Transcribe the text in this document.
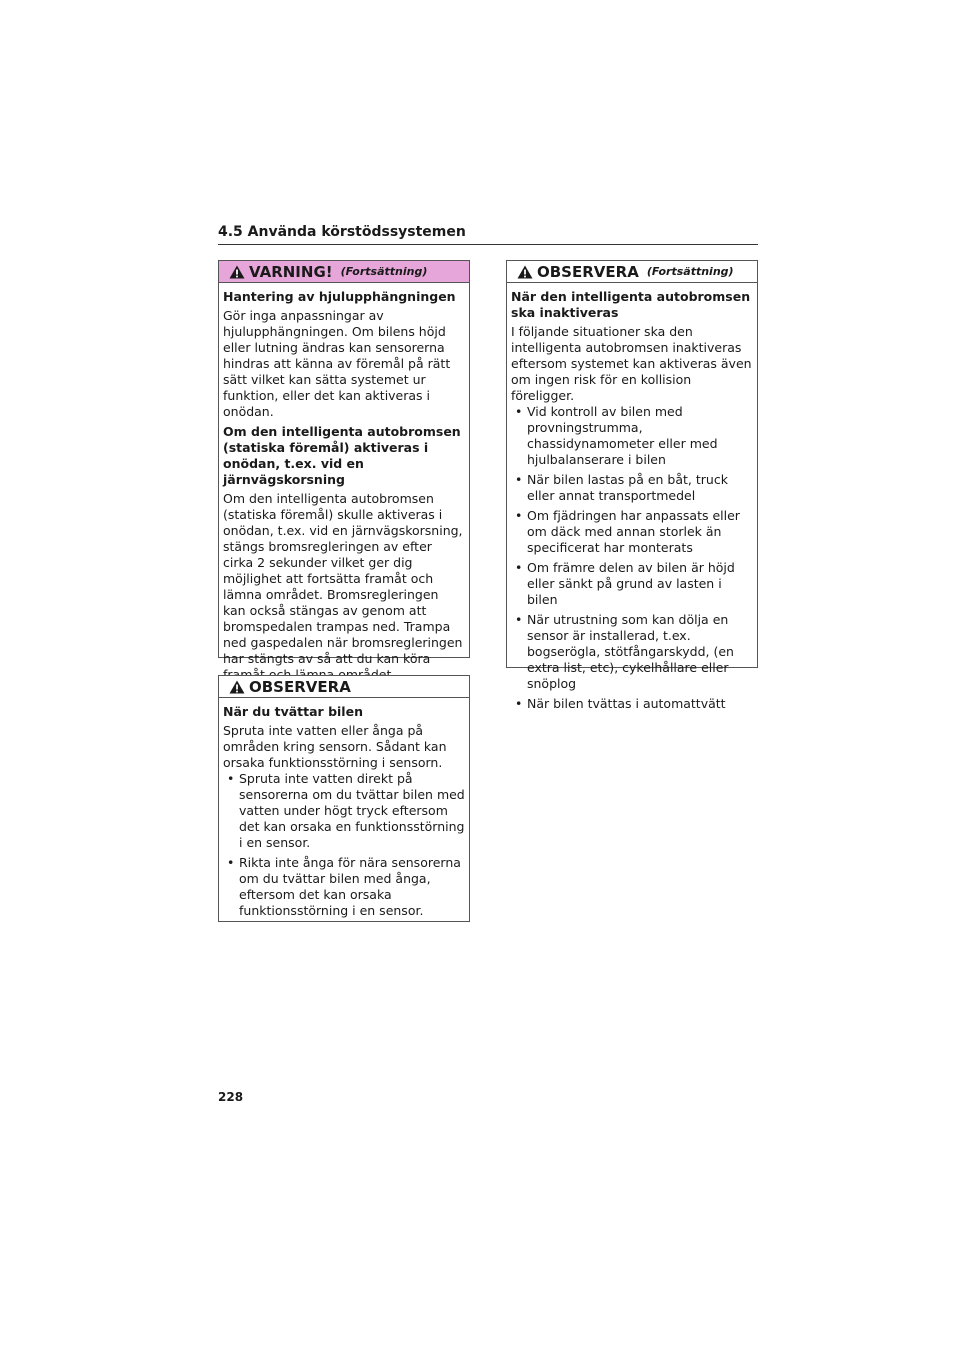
4.5 Använda körstödssystemen
VARNING! (Fortsättning)
Hantering av hjulupphängningen

Gör inga anpassningar av hjulupphängningen. Om bilens höjd eller lutning ändras kan sensorerna hindras att känna av föremål på rätt sätt vilket kan sätta systemet ur funktion, eller det kan aktiveras i onödan.

Om den intelligenta autobromsen (statiska föremål) aktiveras i onödan, t.ex. vid en järnvägskorsning

Om den intelligenta autobromsen (statiska föremål) skulle aktiveras i onödan, t.ex. vid en järnvägskorsning, stängs bromsregleringen av efter cirka 2 sekunder vilket ger dig möjlighet att fortsätta framåt och lämna området. Bromsregleringen kan också stängas av genom att bromspedalen trampas ned. Trampa ned gaspedalen när bromsregleringen har stängts av så att du kan köra

OBSERVERA
När du tvättar bilen

Spruta inte vatten eller ånga på områden kring sensorn. Sådant kan orsaka funktionsstörning i sensorn.

• Spruta inte vatten direkt på sensorerna om du tvättar bilen med vatten under högt tryck eftersom det kan orsaka en funktionsstörning i en sensor.
• Rikta inte ånga för nära sensorerna om du tvättar bilen med ånga, eftersom det kan orsaka funktionsstörning i en sensor.
OBSERVERA (Fortsättning)
När den intelligenta autobromsen ska inaktiveras

I följande situationer ska den intelligenta autobromsen inaktiveras eftersom systemet kan aktiveras även om ingen risk för en kollision föreligger.

• Vid kontroll av bilen med provningstrumma, chassidynamometer eller med hjulbalanserare i bilen
• När bilen lastas på en båt, truck eller annat transportmedel
• Om fjädringen har anpassats eller om däck med annan storlek än specificerat har monterats
• Om främre delen av bilen är höjd eller sänkt på grund av lasten i bilen
• När utrustning som kan dölja en sensor är installerad, t.ex. bogserögla, stötfångarskydd, (en extra list, etc), cykelhållare eller snöplog
• När bilen tvättas i automattvätt
228
